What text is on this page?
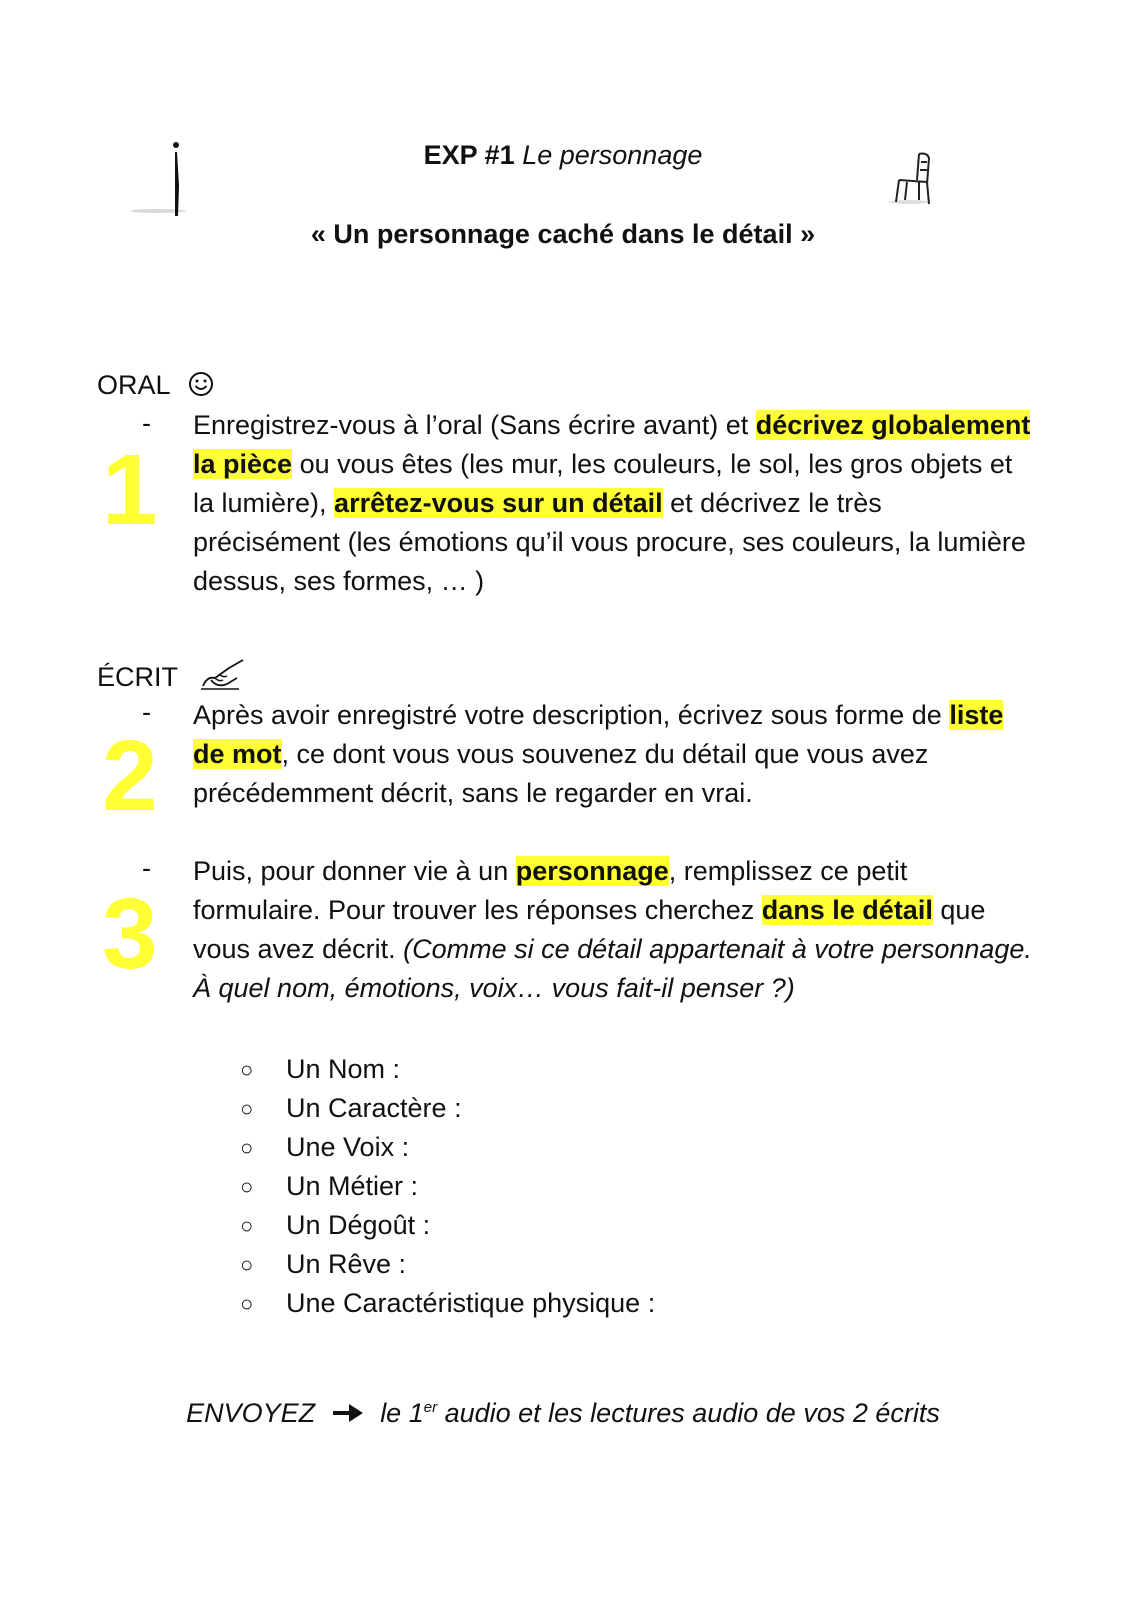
EXP #1 Le personnage
« Un personnage caché dans le détail »
ORAL
-
1
Enregistrez-vous à l’oral (Sans écrire avant) et décrivez globalement la pièce ou vous êtes (les mur, les couleurs, le sol, les gros objets et la lumière), arrêtez-vous sur un détail et décrivez le très précisément (les émotions qu’il vous procure, ses couleurs, la lumière dessus, ses formes, … )
ÉCRIT
-
2
Après avoir enregistré votre description, écrivez sous forme de liste de mot, ce dont vous vous souvenez du détail que vous avez précédemment décrit, sans le regarder en vrai.
-
3
Puis, pour donner vie à un personnage, remplissez ce petit formulaire. Pour trouver les réponses cherchez dans le détail que vous avez décrit. (Comme si ce détail appartenait à votre personnage. À quel nom, émotions, voix… vous fait-il penser ?)
○	Un Nom :
○	Un Caractère :
○	Une Voix :
○	Un Métier :
○	Un Dégoût :
○	Un Rêve :
○	Une Caractéristique physique :
ENVOYEZ le 1er audio et les lectures audio de vos 2 écrits
